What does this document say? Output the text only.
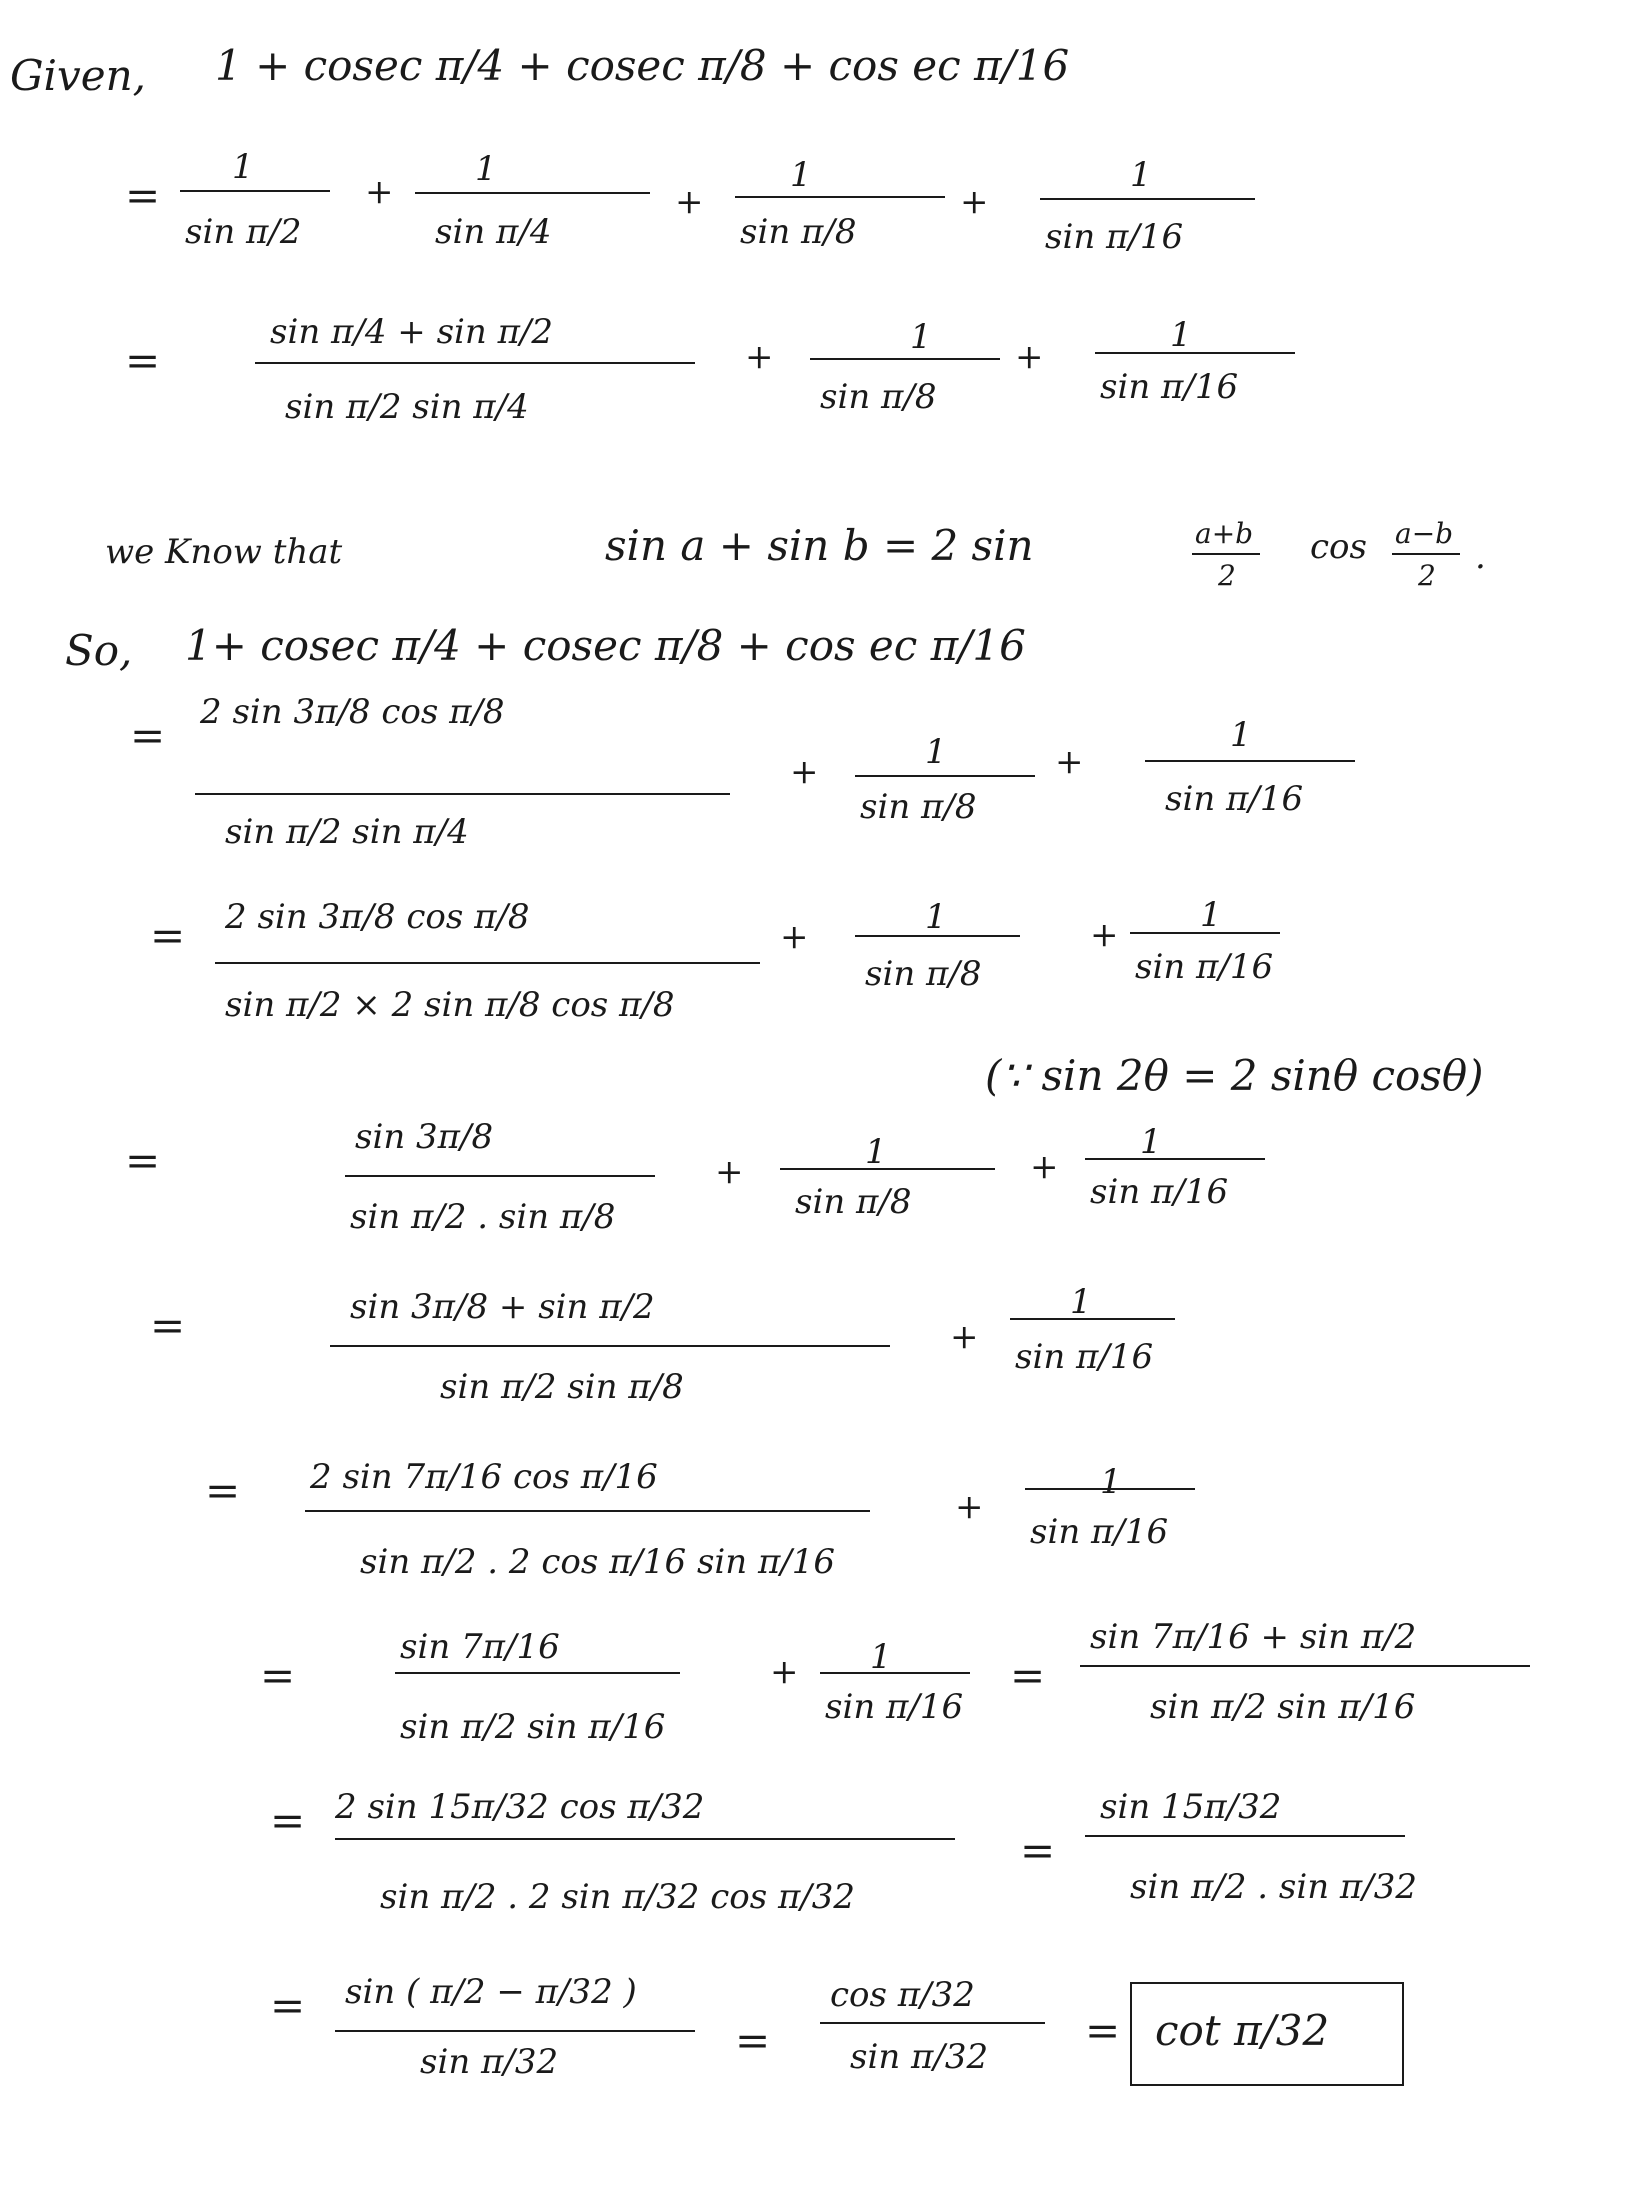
Given, 1 + cosec π/4 + cosec π/8 + cos ec π/16
=
1
sin π/2
+
1
sin π/4
+
1
sin π/8
+
1
sin π/16
=
sin π/4 + sin π/2
sin π/2 sin π/4
+	1
sin π/8
+
1
sin π/16
we Know that	sin a + sin b = 2 sin	a+b
2
cos a−b
2 .
So, 1+ cosec π/4 + cosec π/8 + cos ec π/16
= 2 sin 3π/8 cos π/8
sin π/2 sin π/4
+	1
sin π/8
+
1
sin π/16
= 2 sin 3π/8 cos π/8
sin π/2 × 2 sin π/8 cos π/8
+	1
sin π/8
+ 1
sin π/16
(∵ sin 2θ = 2 sinθ cosθ)
=	sin 3π/8
sin π/2 . sin π/8
+	1
sin π/8
+
1
sin π/16
=	sin 3π/8 + sin π/2
sin π/2 sin π/8
+
1
sin π/16
= 2 sin 7π/16 cos π/16
sin π/2 . 2 cos π/16 sin π/16
+
1
sin π/16
=
sin 7π/16
sin π/2 sin π/16
+ 1
sin π/16
=
sin 7π/16 + sin π/2
sin π/2 sin π/16
= 2 sin 15π/32 cos π/32
sin π/2 . 2 sin π/32 cos π/32
=
sin 15π/32
sin π/2 . sin π/32
= sin ( π/2 − π/32 )
sin π/32	=
cos π/32
sin π/32
= cot π/32
